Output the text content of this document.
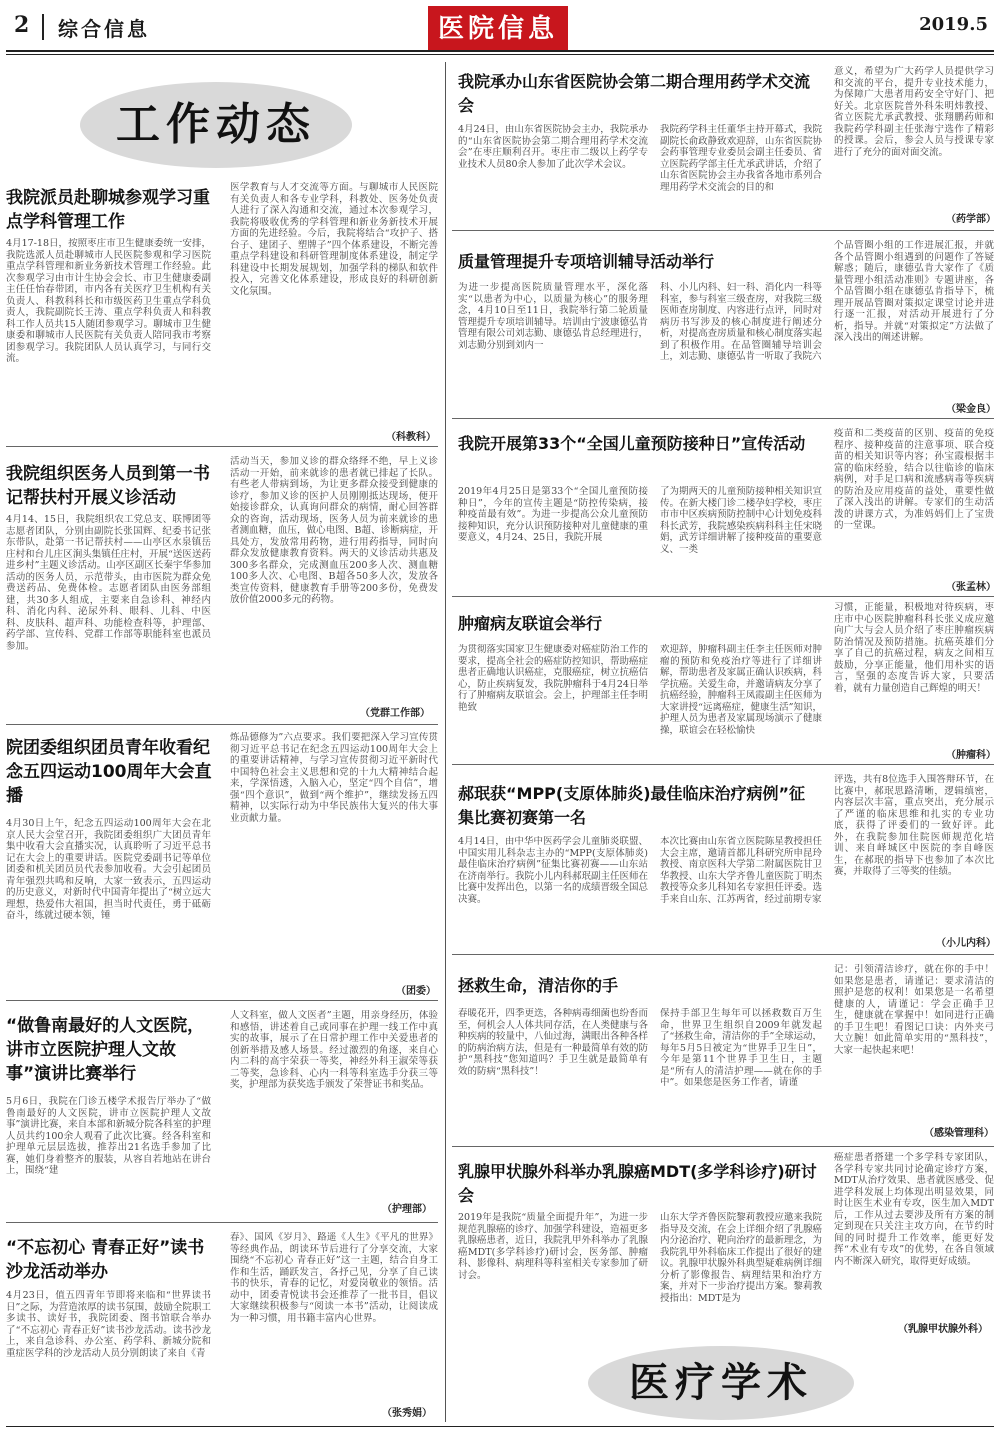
2 综合信息	医院信息	2019.5
工作动态
我院派员赴聊城参观学习重点学科管理工作
4月17-18日，按照枣庄市卫生健康委统一安排，我院选派人员赴聊城市人民医院参观和学习医院重点学科管理和新业务新技术管理工作经验。此次参观学习由市计生协会会长、市卫生健康委副主任任怡春带团，市内各有关医疗卫生机构有关负责人、科教科科长和市级医药卫生重点学科负责人，我院副院长王涛、重点学科负责人和科教科工作人员共15人随团参观学习。聊城市卫生健康委和聊城市人民医院有关负责人陪同我市考察团参观学习。我院团队人员认真学习，与同行交流。
医学教育与人才交流等方面。与聊城市人民医院有关负责人和各专业学科，科教处、医务处负责人进行了深入沟通和交流，通过本次参观学习，我院将吸收优秀的学科管理和新业务新技术开展方面的先进经验。今后，我院将结合“攻护子、搭台子、建团子、塑牌子”四个体系建设，不断完善重点学科建设和科研管理制度体系建设，制定学科建设中长期发展规划，加强学科的梯队和软件投入，完善文化体系建设，形成良好的科研创新文化氛围。
（科教科）
我院组织医务人员到第一书记帮扶村开展义诊活动
4月14、15日，我院组织农工党总支、联博团等志愿者团队，分别由副院长张国辉、纪委书记张东带队，赴第一书记帮扶村——山亭区水泉镇岳庄村和台儿庄区涧头集镇任庄村，开展“送医送药进乡村”主题义诊活动。山亭区副区长秦宇华参加活动的医务人员，示范带头，由市医院为群众免费送药品、免费体检。志愿者团队由医务部组建，共30多人组成，主要来自急诊科、神经内科、消化内科、泌尿外科、眼科、儿科、中医科、皮肤科、超声科、功能检查科等，护理部、药学部、宣传科、党群工作部等职能科室也派员参加。
活动当天，参加义诊的群众络绎不绝，早上义诊活动一开始，前来就诊的患者就已排起了长队。有些老人带病到场，为让更多群众接受到健康的诊疗，参加义诊的医护人员刚刚抵达现场，便开始接诊群众，认真询问群众的病情，耐心回答群众的咨询，活动现场，医务人员为前来就诊的患者测血糖，血压，做心电图、B超、诊断病症，开具处方，发放常用药物，进行用药指导，同时向群众发放健康教育资料。两天的义诊活动共惠及300多名群众，完成测血压200多人次、测血糖100多人次、心电图、B超各50多人次，发放各类宣传资料，健康教育手册等200多份，免费发放价值2000多元的药物。
（党群工作部）
院团委组织团员青年收看纪念五四运动100周年大会直播
4月30日上午，纪念五四运动100周年大会在北京人民大会堂召开，我院团委组织广大团员青年集中收看大会直播实况，认真聆听了习近平总书记在大会上的重要讲话。医院党委副书记等单位团委和机关团员员代表参加收看。大会引起团员青年强烈共鸣和反响，大家一致表示，五四运动的历史意义，对新时代中国青年提出了“树立远大理想，热爱伟大祖国，担当时代责任，勇于砥砺奋斗，练就过硬本领，锤
炼品德修为”六点要求。我们要把深入学习宣传贯彻习近平总书记在纪念五四运动100周年大会上的重要讲话精神，与学习宣传贯彻习近平新时代中国特色社会主义思想和党的十九大精神结合起来，学深悟透，入脑入心，坚定“四个自信”，增强“四个意识”，做到“两个维护”，继续发扬五四精神，以实际行动为中华民族伟大复兴的伟大事业贡献力量。
（团委）
“做鲁南最好的人文医院，讲市立医院护理人文故事”演讲比赛举行
5月6日，我院在门诊五楼学术报告厅举办了“做鲁南最好的人文医院，讲市立医院护理人文故事”演讲比赛，来自本部和新城分院各科室的护理人员共约100余人观看了此次比赛。经各科室和护理单元层层选拔，推荐出21名选手参加了比赛，她们身着整齐的服装，从容自若地站在讲台上，围绕“建
人文科室，做人文医者”主题，用亲身经历，体验和感悟，讲述着自己或同事在护理一线工作中真实的故事，展示了在日常护理工作中关爱患者的创新举措及感人场景。经过激烈的角逐，来自心内二科的高宇荣获一等奖，神经外科王淑荣等获二等奖，急诊科、心内一科等科室选手分获三等奖，护理部为获奖选手颁发了荣誉证书和奖品。
（护理部）
“不忘初心 青春正好”读书沙龙活动举办
4月23日，值五四青年节即将来临和“世界读书日”之际，为营造浓厚的读书氛围，鼓励全院职工多读书、读好书，我院团委、图书馆联合举办了“不忘初心 青春正好”读书沙龙活动。读书沙龙上，来自急诊科、办公室、药学科、新城分院和重症医学科的沙龙活动人员分别朗读了来自《青
春》、国风《岁月》、路遥《人生》《平凡的世界》等经典作品，朗读环节后进行了分享交流，大家围绕“不忘初心 青春正好”这一主题，结合自身工作和生活，踊跃发言，各抒己见，分享了自己读书的快乐，青春的记忆，对爱岗敬业的领悟。活动中，团委青悦读书会还推荐了一批书目，倡议大家继续积极参与“阅读一本书”活动，让阅读成为一种习惯，用书籍丰富内心世界。
（张秀娟）
我院承办山东省医院协会第二期合理用药学术交流会
4月24日，由山东省医院协会主办，我院承办的“山东省医院协会第二期合理用药学术交流会”在枣庄顺利召开。枣庄市二级以上药学专业技术人员80余人参加了此次学术会议。
我院药学科主任董华主持开幕式，我院副院长俞政静致欢迎辞，山东省医院协会药事管理专业委员会副主任委员、省立医院药学部主任尤承武讲话，介绍了山东省医院协会主办我省各地市系列合理用药学术交流会的目的和
意义，希望为广大药学人员提供学习和交流的平台，提升专业技术能力，为保障广大患者用药安全守好门、把好关。北京医院普外科朱明炜教授、省立医院尤承武教授、张翔鹏药师和我院药学科副主任张海宁选作了精彩的授课。会后，参会人员与授课专家进行了充分的面对面交流。
（药学部）
质量管理提升专项培训辅导活动举行
为进一步提高医院质量管理水平，深化落实“以患者为中心，以质量为核心”的服务理念，4月10日至11日，我院举行第二轮质量管理提升专项培训辅导。培训由宁波康德弘肯管理有限公司刘志勤、康德弘肯总经理进行，刘志勤分别到刘内一
科、小儿内科、妇一科、消化内一科等科室，参与科室三级查房，对我院三级医师查房制度、内容进行点评，同时对病历书写涉及的核心制度进行阐述分析，对提高查房质量和核心制度落实起到了积极作用。在品管圈辅导培训会上，刘志勤、康德弘肯一听取了我院六
个品管圈小组的工作进展汇报，并就各个品管圈小组遇到的问题作了答疑解惑；随后，康德弘肯大家作了《质量管理小组活动准则》专题讲座，各个品管圈小组在康德弘肯指导下，梳理开展品管圈对策拟定课堂讨论并进行逐一汇报，对活动开展进行了分析，指导。并就“对策拟定”方法做了深入浅出的阐述讲解。
（梁金良）
我院开展第33个“全国儿童预防接种日”宣传活动
2019年4月25日是第33个“全国儿童预防接种日”，今年的宣传主题是“防控传染病，接种疫苗最有效”。为进一步提高公众儿童预防接种知识，充分认识预防接种对儿童健康的重要意义，4月24、25日，我院开展
了为期两天的儿童预防接种相关知识宣传。在新大楼门诊二楼孕妇学校，枣庄市市中区疾病预防控制中心计划免疫科科长武芳，我院感染疾病科科主任宋晓娟，武芳详细讲解了接种疫苗的重要意义、一类
疫苗和二类疫苗的区别、疫苗的免疫程序、接种疫苗的注意事项、联合疫苗的相关知识等内容；孙宝霞根据丰富的临床经验，结合以往临诊的临床病例，对手足口病和流感病毒等疾病的防治及应用疫苗的益处，重要性做了深入浅出的讲解。专家们的生动活泼的讲课方式，为准妈妈们上了宝贵的一堂课。
（张孟林）
肿瘤病友联谊会举行
为贯彻落实国家卫生健康委对癌症防治工作的要求，提高全社会的癌症防控知识，帮助癌症患者正确地认识癌症，克服癌症，树立抗癌信心，防止疾病复发，我院肿瘤科于4月24日举行了肿瘤病友联谊会。会上，护理部主任李明艳致
欢迎辞，肿瘤科副主任李主任医师对肿瘤的预防和免疫治疗等进行了详细讲解，帮助患者及家属正确认识疾病，科学抗癌。关爱生命，并邀请病友分享了抗癌经验，肿瘤科王凤霞副主任医师为大家讲授“远离癌症，健康生活”知识，护理人员为患者及家属现场演示了健康操，联谊会在轻松愉快
习惯，正能量，积极地对待疾病，枣庄市中心医院肿瘤科科长张义成应邀向广大与会人员介绍了枣庄肿瘤疾病防治情况及预防措施。抗癌英雄们分享了自己的抗癌过程，病友之间相互鼓励，分享正能量，他们用朴实的语言，坚强的态度告诉大家，只要活着，就有力量创造自己辉煌的明天！
（肿瘤科）
郝珉获“MPP(支原体肺炎)最佳临床治疗病例”征集比赛初赛第一名
4月14日，由中华中医药学会儿童肺炎联盟、中国实用儿科杂志主办的“MPP(支原体肺炎)最佳临床治疗病例”征集比赛初赛——山东站在济南举行。我院小儿内科郝珉副主任医师在比赛中发挥出色，以第一名的成绩晋级全国总决赛。
本次比赛由山东省立医院陈星教授担任大会主席，邀请首都儿科研究所申昆玲教授、南京医科大学第二附属医院甘卫华教授、山东大学齐鲁儿童医院丁明杰教授等众多儿科知名专家担任评委。选手来自山东、江苏两省，经过前期专家
评选，共有8位选手入围答辩环节，在比赛中，郝珉思路清晰，逻辑缜密，内容层次丰富，重点突出，充分展示了严谨的临床思维和扎实的专业功底，获得了评委们的一致好评。此外，在我院参加住院医师规范化培训、来自峄城区中医院的李自峰医生，在郝珉的指导下也参加了本次比赛，并取得了三等奖的佳绩。
（小儿内科）
拯救生命，清洁你的手
春暖花开，四季更迭，各种病毒细菌也纷沓而至，何机会人人体共同存活，在人类健康与各种疾病的较量中，八仙过海，满眼出各种各样的防病治病方法，但是有一种最简单有效的防护“黑科技”您知道吗？手卫生就是最简单有效的防病“黑科技”！
保持手部卫生每年可以拯救数百万生命，世界卫生组织自2009年就发起了“拯救生命，清洁你的手”全球运动，每年5月5日被定为“世界手卫生日”，今年是第11个世界手卫生日，主题是“所有人的清洁护理——就在你的手中”。如果您是医务工作者，请谨
记：引领清洁诊疗，就在你的手中！如果您是患者，请谨记：要求清洁的照护是您的权利！如果您是一名希望健康的人，请谨记：学会正确手卫生，健康就在掌握中！如同进行正确的手卫生吧！看图记口诀：内外夹弓大立腕！如此简单实用的“黑科技”，大家一起快起来吧！
（感染管理科）
乳腺甲状腺外科举办乳腺癌MDT(多学科诊疗)研讨会
2019年是我院“质量全面提升年”，为进一步规范乳腺癌的诊疗、加强学科建设，造福更多乳腺癌患者，近日，我院乳甲外科举办了乳腺癌MDT(多学科诊疗)研讨会，医务部、肿瘤科、影像科、病理科等科室相关专家参加了研讨会。
山东大学齐鲁医院黎莉教授应邀来我院指导及交流，在会上详细介绍了乳腺癌内分泌治疗、靶向治疗的最新理念，为我院乳甲外科临床工作提出了很好的建议。乳腺甲状腺外科典型疑难病例详细分析了影像报告、病理结果和治疗方案，并对下一步治疗提出方案。黎莉教授指出：MDT是为
癌症患者搭建一个多学科专家团队，各学科专家共同讨论确定诊疗方案，MDT从治疗效果、患者就医感受、促进学科发展上均体现出明显效果，同时让医生术业有专攻，医生加入MDT后，工作从过去要涉及所有方案的制定到现在只关注主攻方向，在节约时间的同时提升工作效率，能更好发挥“术业有专攻”的优势，在各自领域内不断深入研究，取得更好成绩。
（乳腺甲状腺外科）
医疗学术
